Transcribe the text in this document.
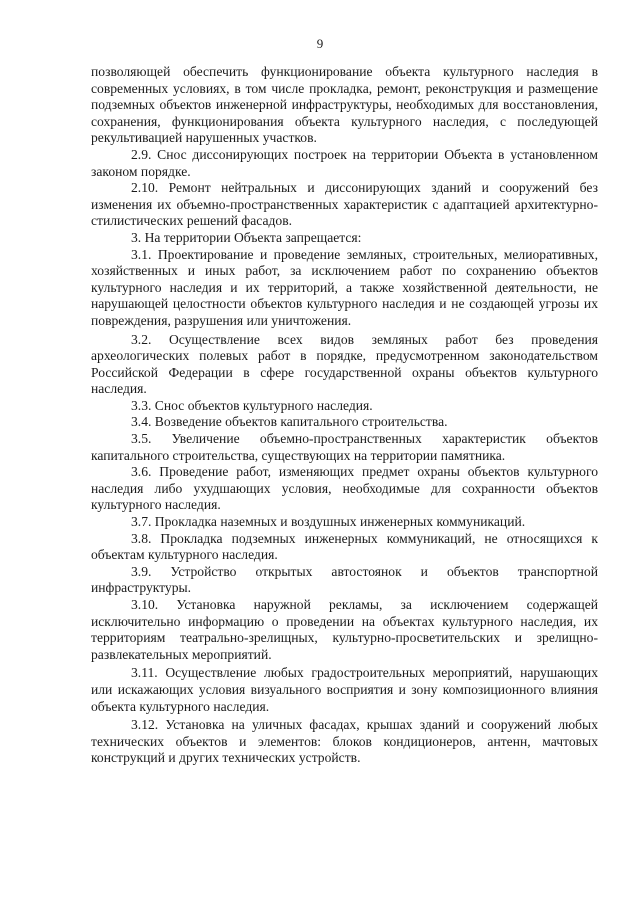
9

позволяющей обеспечить функционирование объекта культурного наследия в современных условиях, в том числе прокладка, ремонт, реконструкция и размещение подземных объектов инженерной инфраструктуры, необходимых для восстановления, сохранения, функционирования объекта культурного наследия, с последующей рекультивацией нарушенных участков.

2.9. Снос диссонирующих построек на территории Объекта в установленном законом порядке.

2.10. Ремонт нейтральных и диссонирующих зданий и сооружений без изменения их объемно-пространственных характеристик с адаптацией архитектурно-стилистических решений фасадов.

3. На территории Объекта запрещается:

3.1. Проектирование и проведение земляных, строительных, мелиоративных, хозяйственных и иных работ, за исключением работ по сохранению объектов культурного наследия и их территорий, а также хозяйственной деятельности, не нарушающей целостности объектов культурного наследия и не создающей угрозы их повреждения, разрушения или уничтожения.

3.2. Осуществление всех видов земляных работ без проведения археологических полевых работ в порядке, предусмотренном законодательством Российской Федерации в сфере государственной охраны объектов культурного наследия.

3.3. Снос объектов культурного наследия.

3.4. Возведение объектов капитального строительства.

3.5. Увеличение объемно-пространственных характеристик объектов капитального строительства, существующих на территории памятника.

3.6. Проведение работ, изменяющих предмет охраны объектов культурного наследия либо ухудшающих условия, необходимые для сохранности объектов культурного наследия.

3.7. Прокладка наземных и воздушных инженерных коммуникаций.

3.8. Прокладка подземных инженерных коммуникаций, не относящихся к объектам культурного наследия.

3.9. Устройство открытых автостоянок и объектов транспортной инфраструктуры.

3.10. Установка наружной рекламы, за исключением содержащей исключительно информацию о проведении на объектах культурного наследия, их территориям театрально-зрелищных, культурно-просветительских и зрелищно-развлекательных мероприятий.

3.11. Осуществление любых градостроительных мероприятий, нарушающих или искажающих условия визуального восприятия и зону композиционного влияния объекта культурного наследия.

3.12. Установка на уличных фасадах, крышах зданий и сооружений любых технических объектов и элементов: блоков кондиционеров, антенн, мачтовых конструкций и других технических устройств.
